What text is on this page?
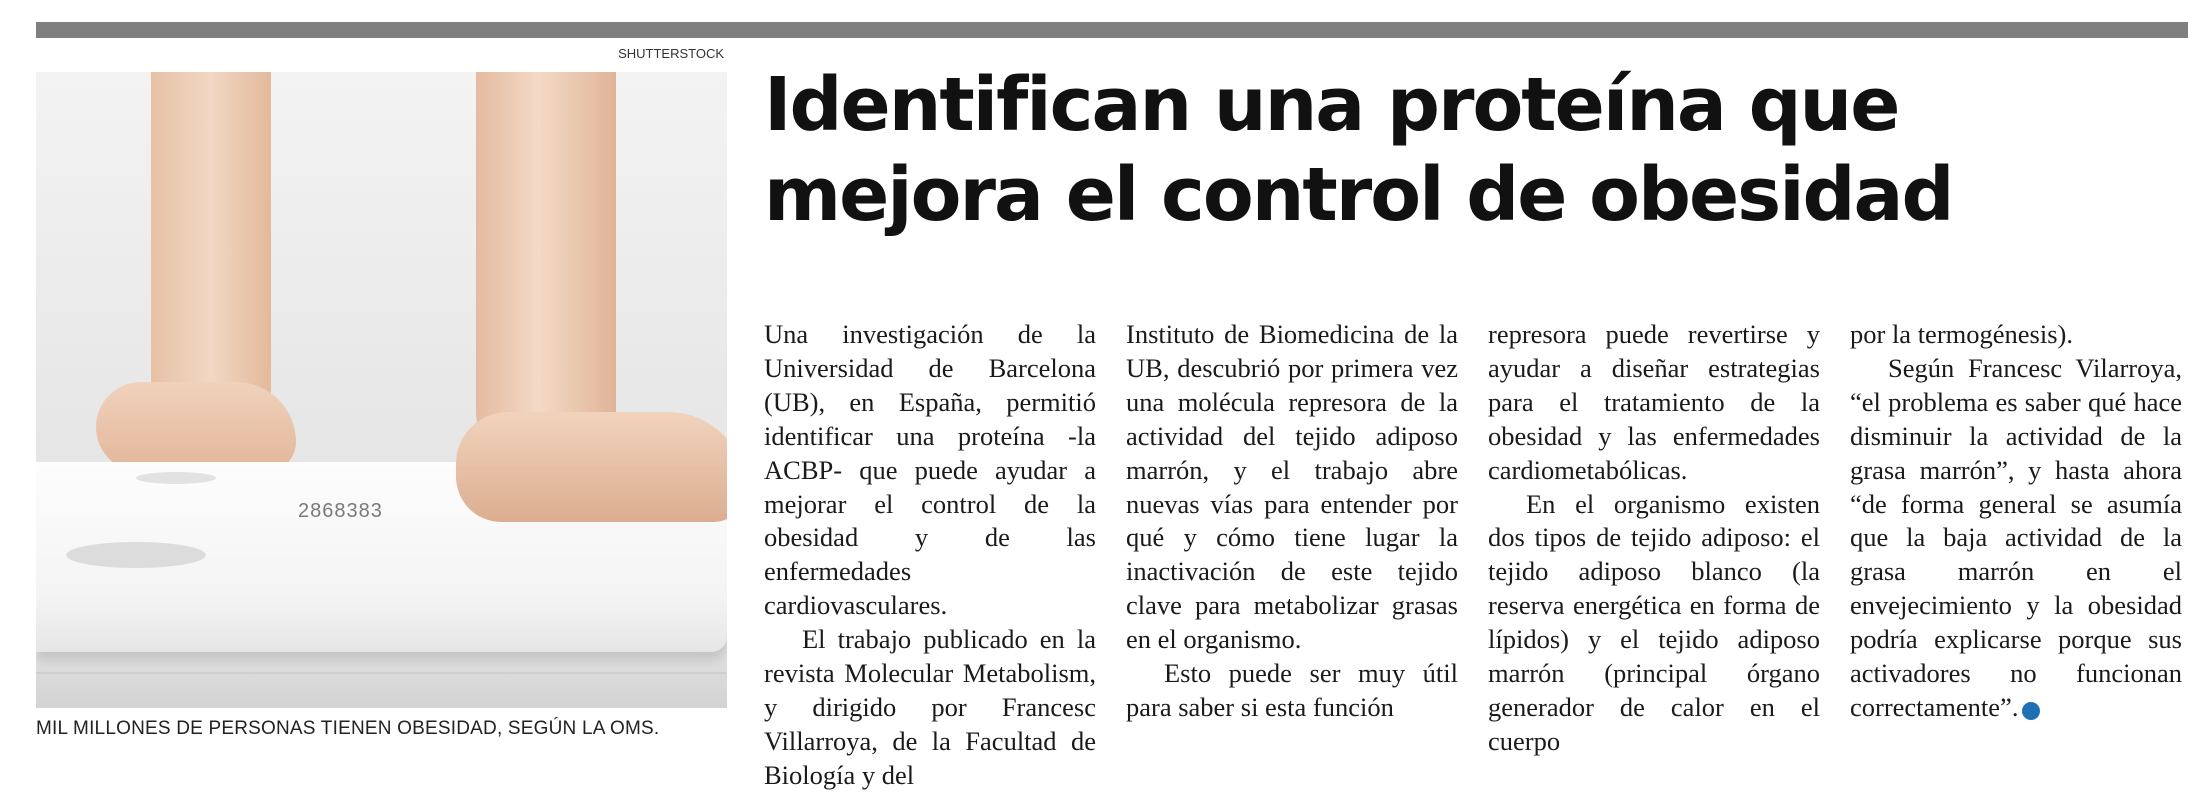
SHUTTERSTOCK
2868383
MIL MILLONES DE PERSONAS TIENEN OBESIDAD, SEGÚN LA OMS.
Identifican una proteína que
mejora el control de obesidad

Una investigación de la Universidad de Barcelona (UB), en España, permitió identificar una proteína -la ACBP- que puede ayudar a mejorar el control de la obesidad y de las enfermedades cardiovasculares.

El trabajo publicado en la revista Molecular Metabolism, y dirigido por Francesc Villarroya, de la Facultad de Biología y del

Instituto de Biomedicina de la UB, descubrió por primera vez una molécula represora de la actividad del tejido adiposo marrón, y el trabajo abre nuevas vías para entender por qué y cómo tiene lugar la inactivación de este tejido clave para metabolizar grasas en el organismo.

Esto puede ser muy útil para saber si esta función

represora puede revertirse y ayudar a diseñar estrategias para el tratamiento de la obesidad y las enfermedades cardiometabólicas.

En el organismo existen dos tipos de tejido adiposo: el tejido adiposo blanco (la reserva energética en forma de lípidos) y el tejido adiposo marrón (principal órgano generador de calor en el cuerpo

por la termogénesis).

Según Francesc Vilarroya, “el problema es saber qué hace disminuir la actividad de la grasa marrón”, y hasta ahora “de forma general se asumía que la baja actividad de la grasa marrón en el envejecimiento y la obesidad podría explicarse porque sus activadores no funcionan correctamente”.	✪
